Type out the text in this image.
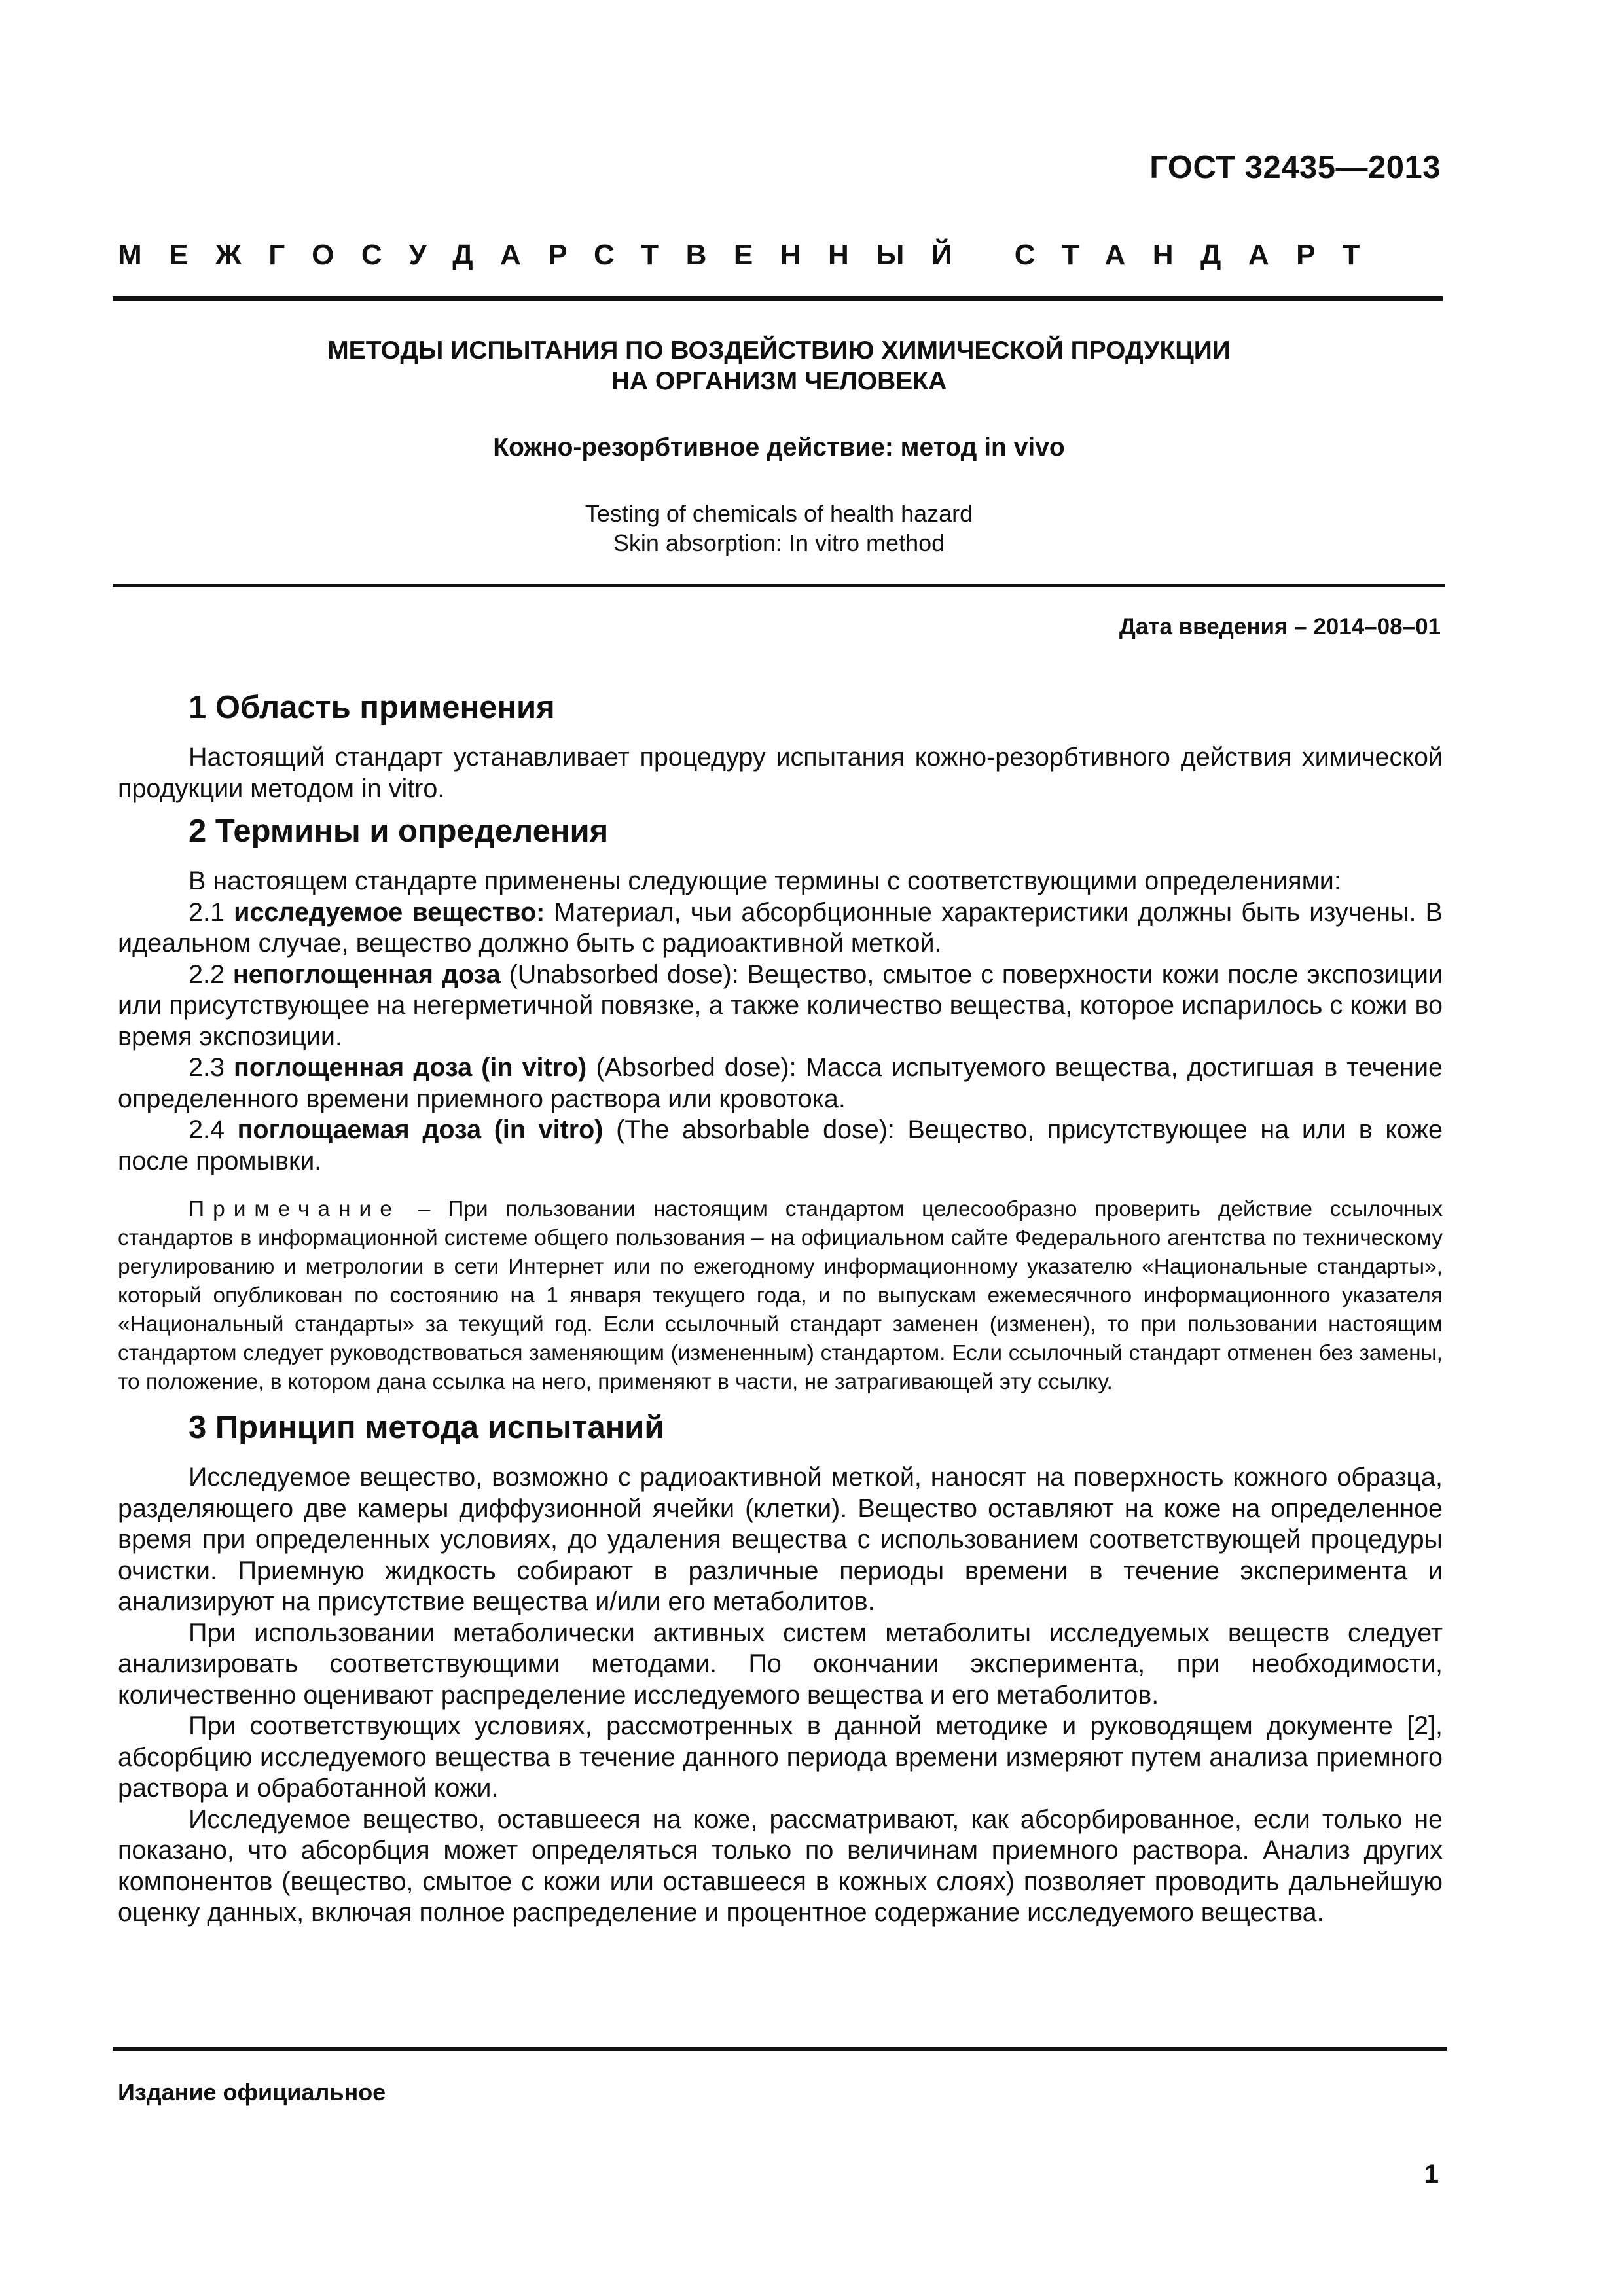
ГОСТ 32435—2013
МЕЖГОСУДАРСТВЕННЫЙ СТАНДАРТ
МЕТОДЫ ИСПЫТАНИЯ ПО ВОЗДЕЙСТВИЮ ХИМИЧЕСКОЙ ПРОДУКЦИИ
НА ОРГАНИЗМ ЧЕЛОВЕКА
Кожно-резорбтивное действие: метод in vivo
Testing of chemicals of health hazard
Skin absorption: In vitro method
Дата введения – 2014–08–01
1 Область применения

Настоящий стандарт устанавливает процедуру испытания кожно-резорбтивного действия химической продукции методом in vitro.

2 Термины и определения

В настоящем стандарте применены следующие термины с соответствующими определениями:

2.1 исследуемое вещество: Материал, чьи абсорбционные характеристики должны быть изучены. В идеальном случае, вещество должно быть с радиоактивной меткой.

2.2 непоглощенная доза (Unabsorbed dose): Вещество, смытое с поверхности кожи после экспозиции или присутствующее на негерметичной повязке, а также количество вещества, которое испарилось с кожи во время экспозиции.

2.3 поглощенная доза (in vitro) (Absorbed dose): Масса испытуемого вещества, достигшая в течение определенного времени приемного раствора или кровотока.

2.4 поглощаемая доза (in vitro) (The absorbable dose): Вещество, присутствующее на или в коже после промывки.

Примечание – При пользовании настоящим стандартом целесообразно проверить действие ссылочных стандартов в информационной системе общего пользования – на официальном сайте Федерального агентства по техническому регулированию и метрологии в сети Интернет или по ежегодному информационному указателю «Национальные стандарты», который опубликован по состоянию на 1 января текущего года, и по выпускам ежемесячного информационного указателя «Национальный стандарты» за текущий год. Если ссылочный стандарт заменен (изменен), то при пользовании настоящим стандартом следует руководствоваться заменяющим (измененным) стандартом. Если ссылочный стандарт отменен без замены, то положение, в котором дана ссылка на него, применяют в части, не затрагивающей эту ссылку.

3 Принцип метода испытаний

Исследуемое вещество, возможно с радиоактивной меткой, наносят на поверхность кожного образца, разделяющего две камеры диффузионной ячейки (клетки). Вещество оставляют на коже на определенное время при определенных условиях, до удаления вещества с использованием соответствующей процедуры очистки. Приемную жидкость собирают в различные периоды времени в течение эксперимента и анализируют на присутствие вещества и/или его метаболитов.

При использовании метаболически активных систем метаболиты исследуемых веществ следует анализировать соответствующими методами. По окончании эксперимента, при необходимости, количественно оценивают распределение исследуемого вещества и его метаболитов.

При соответствующих условиях, рассмотренных в данной методике и руководящем документе [2], абсорбцию исследуемого вещества в течение данного периода времени измеряют путем анализа приемного раствора и обработанной кожи.

Исследуемое вещество, оставшееся на коже, рассматривают, как абсорбированное, если только не показано, что абсорбция может определяться только по величинам приемного раствора. Анализ других компонентов (вещество, смытое с кожи или оставшееся в кожных слоях) позволяет проводить дальнейшую оценку данных, включая полное распределение и процентное содержание исследуемого вещества.

Издание официальное
1
